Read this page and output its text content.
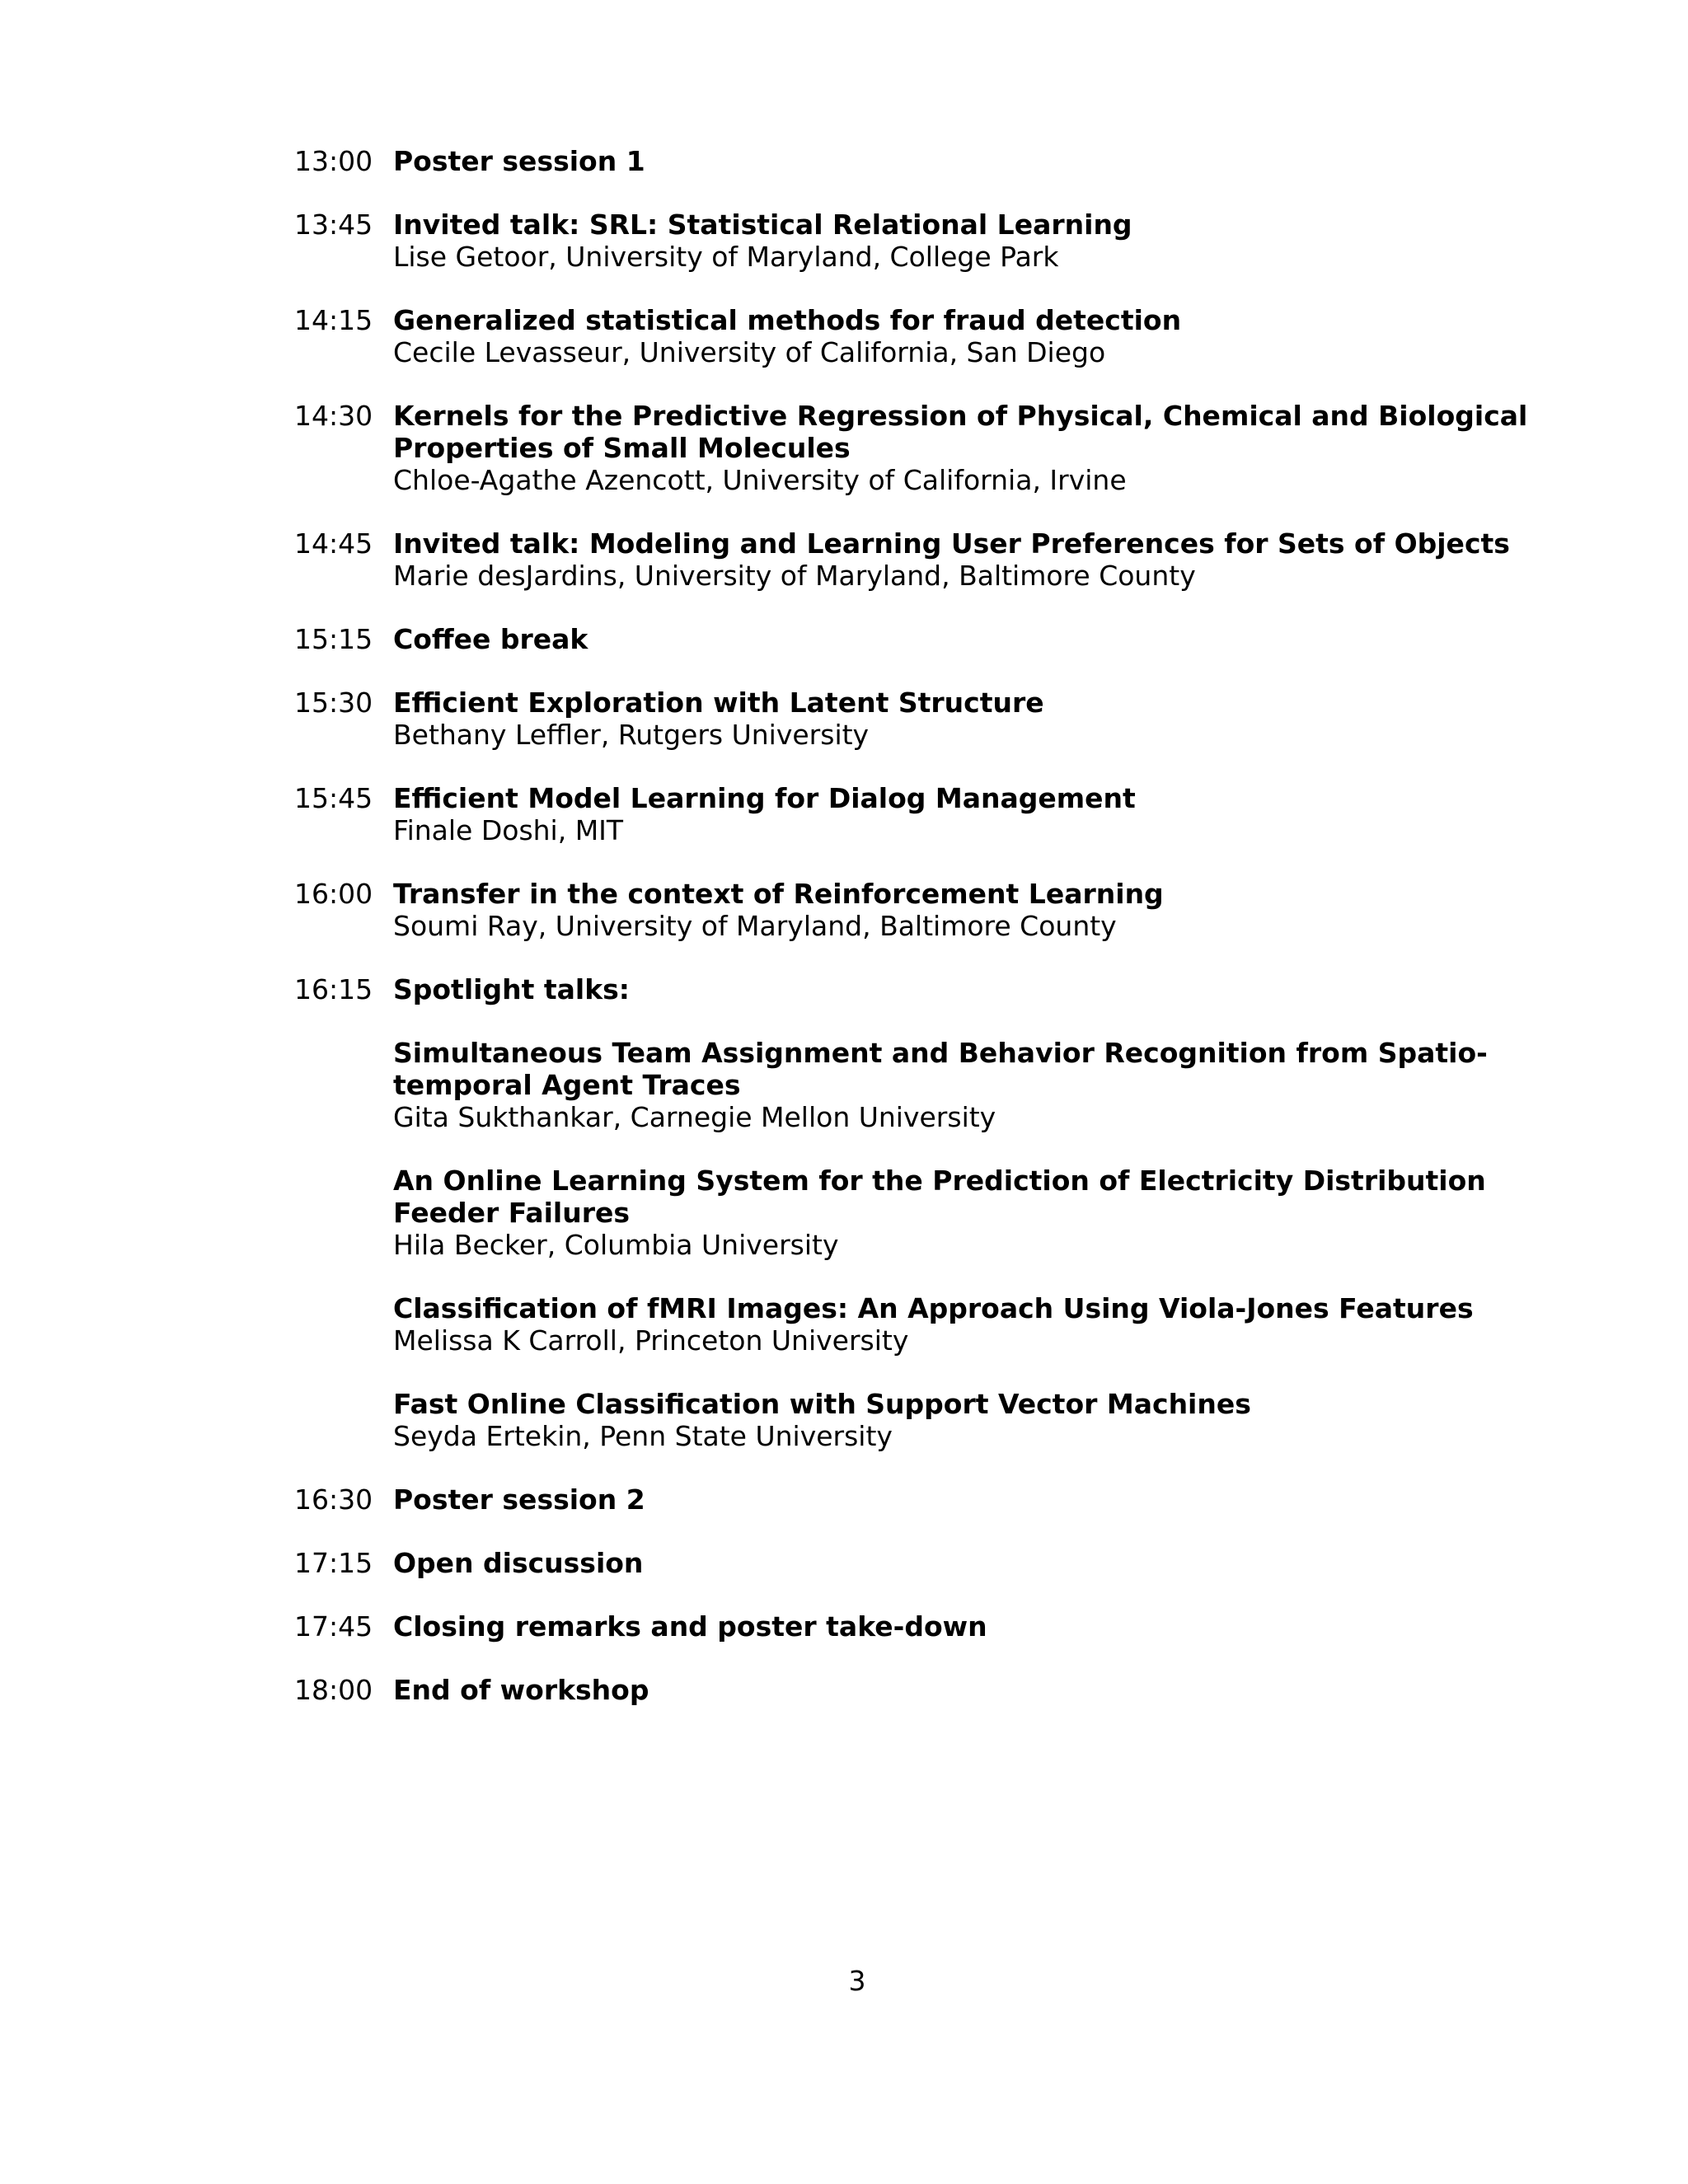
13:00 Poster session 1
13:45 Invited talk: SRL: Statistical Relational Learning
Lise Getoor, University of Maryland, College Park
14:15 Generalized statistical methods for fraud detection
Cecile Levasseur, University of California, San Diego
14:30 Kernels for the Predictive Regression of Physical, Chemical and Biological Properties of Small Molecules
Chloe-Agathe Azencott, University of California, Irvine
14:45 Invited talk: Modeling and Learning User Preferences for Sets of Objects
Marie desJardins, University of Maryland, Baltimore County
15:15 Coffee break
15:30 Efficient Exploration with Latent Structure
Bethany Leffler, Rutgers University
15:45 Efficient Model Learning for Dialog Management
Finale Doshi, MIT
16:00 Transfer in the context of Reinforcement Learning
Soumi Ray, University of Maryland, Baltimore County
16:15 Spotlight talks:
Simultaneous Team Assignment and Behavior Recognition from Spatio-temporal Agent Traces
Gita Sukthankar, Carnegie Mellon University
An Online Learning System for the Prediction of Electricity Distribution Feeder Failures
Hila Becker, Columbia University
Classification of fMRI Images: An Approach Using Viola-Jones Features
Melissa K Carroll, Princeton University
Fast Online Classification with Support Vector Machines
Seyda Ertekin, Penn State University
16:30 Poster session 2
17:15 Open discussion
17:45 Closing remarks and poster take-down
18:00 End of workshop
3
